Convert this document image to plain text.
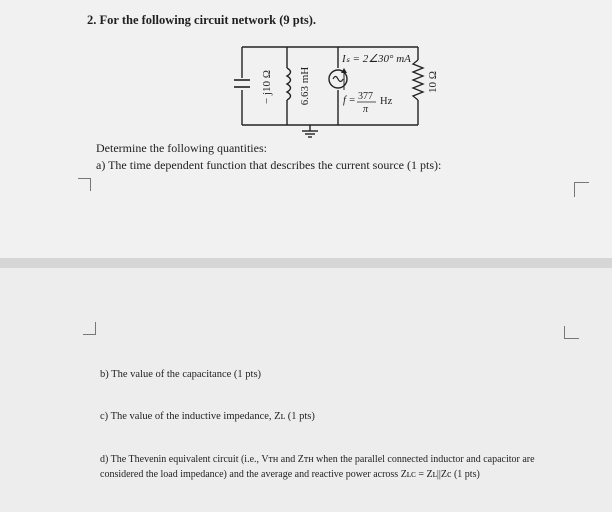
2. For the following circuit network (9 pts).
− j10 Ω 6.63 mH	10 Ω
Iₛ = 2∠30° mA
f = 377
π
Hz
Determine the following quantities:
a) The time dependent function that describes the current source (1 pts):
b) The value of the capacitance (1 pts)
c) The value of the inductive impedance, Zʟ (1 pts)
d) The Thevenin equivalent circuit (i.e., Vᴛʜ and Zᴛʜ when the parallel connected inductor and capacitor are considered the load impedance) and the average and reactive power across Zʟᴄ = Zʟ||Zc (1 pts)
